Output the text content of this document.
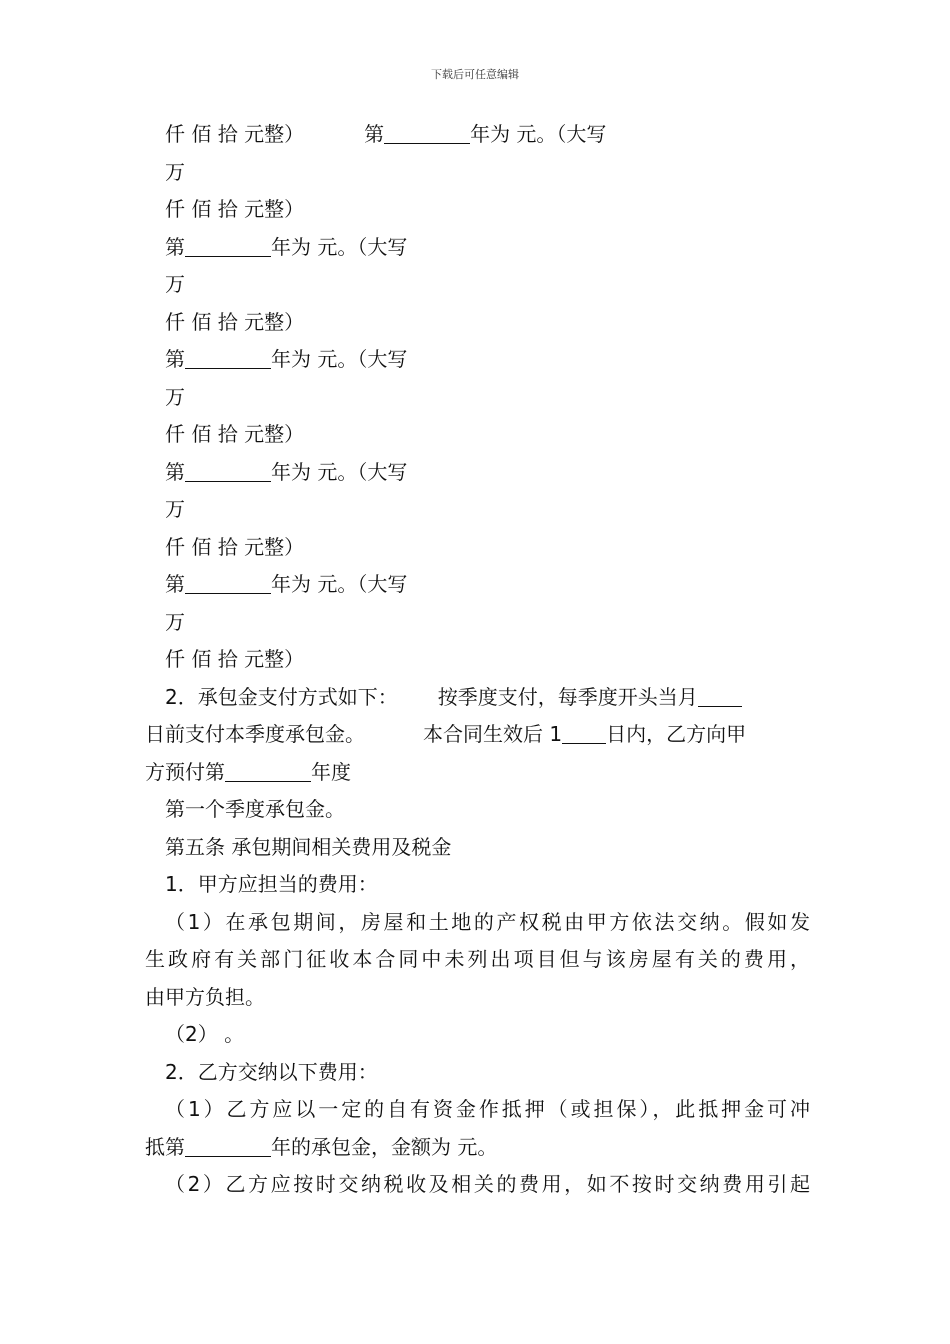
下载后可任意编辑
仟 佰 拾 元整）	第	年为 元。（大写
万
仟 佰 拾 元整）
第	年为 元。（大写
万
仟 佰 拾 元整）
第	年为 元。（大写
万
仟 佰 拾 元整）
第	年为 元。（大写
万
仟 佰 拾 元整）
第	年为 元。（大写
万
仟 佰 拾 元整）
2．承包金支付方式如下： 按季度支付，每季度开头当月
日前支付本季度承包金。	本合同生效后 1 日内，乙方向甲
方预付第	年度
第一个季度承包金。
第五条 承包期间相关费用及税金
1．甲方应担当的费用：
（1）在承包期间，房屋和土地的产权税由甲方依法交纳。假如发
生政府有关部门征收本合同中未列出项目但与该房屋有关的费用，
由甲方负担。
（2） 。
2．乙方交纳以下费用：
（1）乙方应以一定的自有资金作抵押（或担保），此抵押金可冲
抵第	年的承包金，金额为 元。
（2）乙方应按时交纳税收及相关的费用，如不按时交纳费用引起
